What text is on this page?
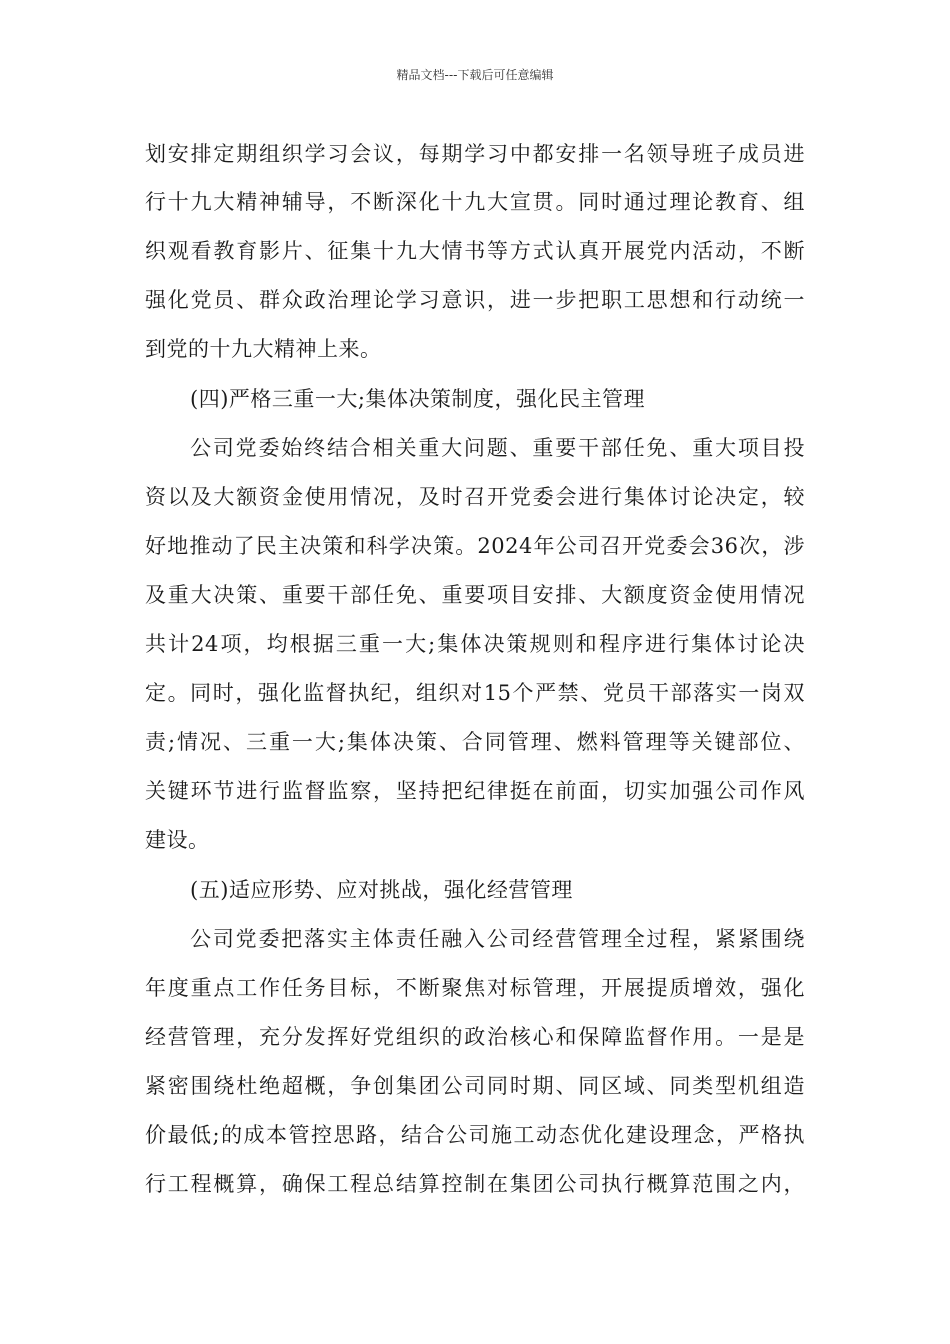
精品文档---下载后可任意编辑
划安排定期组织学习会议，每期学习中都安排一名领导班子成员进
行十九大精神辅导，不断深化十九大宣贯。同时通过理论教育、组
织观看教育影片、征集十九大情书等方式认真开展党内活动，不断
强化党员、群众政治理论学习意识，进一步把职工思想和行动统一
到党的十九大精神上来。
(四)严格三重一大;集体决策制度，强化民主管理
公司党委始终结合相关重大问题、重要干部任免、重大项目投
资以及大额资金使用情况，及时召开党委会进行集体讨论决定，较
好地推动了民主决策和科学决策。2024年公司召开党委会36次，涉
及重大决策、重要干部任免、重要项目安排、大额度资金使用情况
共计24项，均根据三重一大;集体决策规则和程序进行集体讨论决
定。同时，强化监督执纪，组织对15个严禁、党员干部落实一岗双
责;情况、三重一大;集体决策、合同管理、燃料管理等关键部位、
关键环节进行监督监察，坚持把纪律挺在前面，切实加强公司作风
建设。
(五)适应形势、应对挑战，强化经营管理
公司党委把落实主体责任融入公司经营管理全过程，紧紧围绕
年度重点工作任务目标，不断聚焦对标管理，开展提质增效，强化
经营管理，充分发挥好党组织的政治核心和保障监督作用。一是是
紧密围绕杜绝超概，争创集团公司同时期、同区域、同类型机组造
价最低;的成本管控思路，结合公司施工动态优化建设理念，严格执
行工程概算，确保工程总结算控制在集团公司执行概算范围之内，
